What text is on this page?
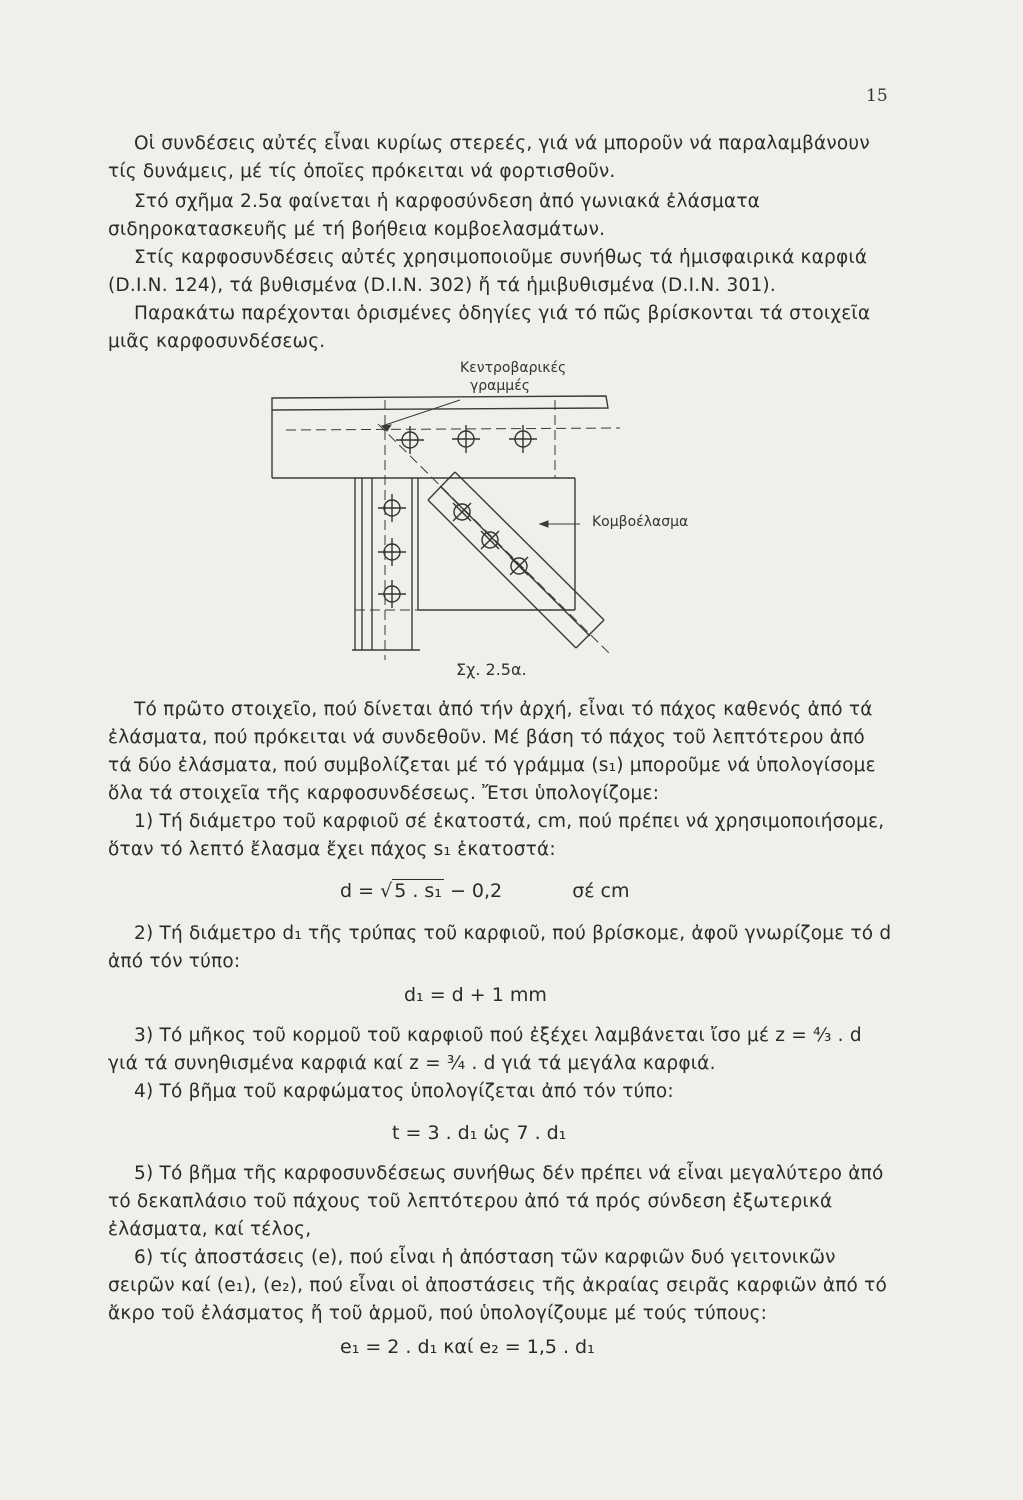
15

Οἱ συνδέσεις αὐτές εἶναι κυρίως στερεές, γιά νά μποροῦν νά παραλαμβάνουν τίς δυνάμεις, μέ τίς ὁποῖες πρόκειται νά φορτισθοῦν.

Στό σχῆμα 2.5α φαίνεται ἡ καρφοσύνδεση ἀπό γωνιακά ἐλάσματα σιδηροκατασκευῆς μέ τή βοήθεια κομβοελασμάτων.

Στίς καρφοσυνδέσεις αὐτές χρησιμοποιοῦμε συνήθως τά ἡμισφαιρικά καρφιά (D.I.N. 124), τά βυθισμένα (D.I.N. 302) ἤ τά ἡμιβυθισμένα (D.I.N. 301).

Παρακάτω παρέχονται ὁρισμένες ὁδηγίες γιά τό πῶς βρίσκονται τά στοιχεῖα μιᾶς καρφοσυνδέσεως.

Κεντροβαρικές
γραμμές
Κομβοέλασμα
Σχ. 2.5α.

Τό πρῶτο στοιχεῖο, πού δίνεται ἀπό τήν ἀρχή, εἶναι τό πάχος καθενός ἀπό τά ἐλάσματα, πού πρόκειται νά συνδεθοῦν. Μέ βάση τό πάχος τοῦ λεπτότερου ἀπό τά δύο ἐλάσματα, πού συμβολίζεται μέ τό γράμμα (s₁) μποροῦμε νά ὑπολογίσομε ὅλα τά στοιχεῖα τῆς καρφοσυνδέσεως. Ἔτσι ὑπολογίζομε:

1) Τή διάμετρο τοῦ καρφιοῦ σέ ἑκατοστά, cm, πού πρέπει νά χρησιμοποιήσομε, ὅταν τό λεπτό ἔλασμα ἔχει πάχος s₁ ἑκατοστά:

d = √ 5 . s₁ − 0,2	σέ cm

2) Τή διάμετρο d₁ τῆς τρύπας τοῦ καρφιοῦ, πού βρίσκομε, ἀφοῦ γνωρίζομε τό d ἀπό τόν τύπο:

d₁ = d + 1 mm

3) Τό μῆκος τοῦ κορμοῦ τοῦ καρφιοῦ πού ἐξέχει λαμβάνεται ἴσο μέ z = ⁴⁄₃ . d γιά τά συνηθισμένα καρφιά καί z = ³⁄₄ . d γιά τά μεγάλα καρφιά.

4) Τό βῆμα τοῦ καρφώματος ὑπολογίζεται ἀπό τόν τύπο:

t = 3 . d₁ ὡς 7 . d₁

5) Τό βῆμα τῆς καρφοσυνδέσεως συνήθως δέν πρέπει νά εἶναι μεγαλύτερο ἀπό τό δεκαπλάσιο τοῦ πάχους τοῦ λεπτότερου ἀπό τά πρός σύνδεση ἐξωτερικά ἐλάσματα, καί τέλος,

6) τίς ἀποστάσεις (e), πού εἶναι ἡ ἀπόσταση τῶν καρφιῶν δυό γειτονικῶν σειρῶν καί (e₁), (e₂), πού εἶναι οἱ ἀποστάσεις τῆς ἀκραίας σειρᾶς καρφιῶν ἀπό τό ἄκρο τοῦ ἐλάσματος ἤ τοῦ ἁρμοῦ, πού ὑπολογίζουμε μέ τούς τύπους:

e₁ = 2 . d₁ καί e₂ = 1,5 . d₁
